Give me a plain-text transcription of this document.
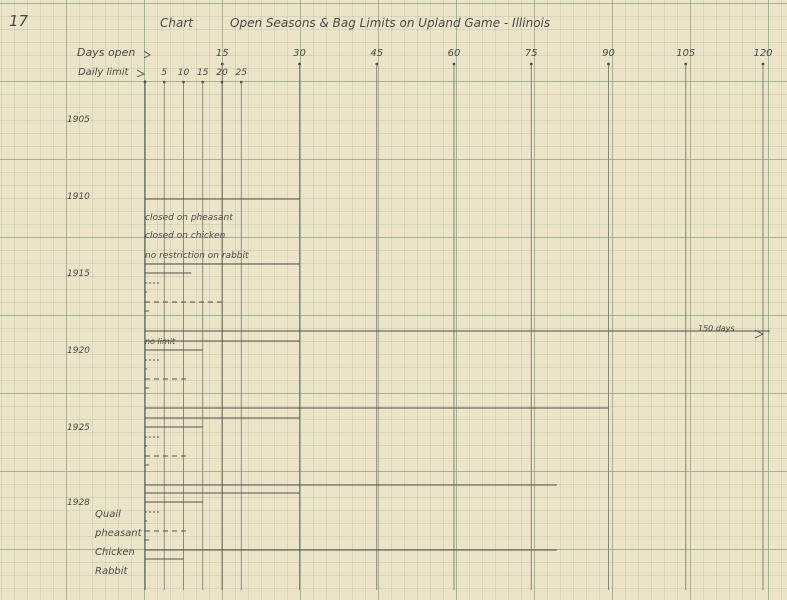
17	Chart	Open Seasons & Bag Limits on Upland Game - Illinois
Days open
Daily limit
15	30	45	60	75	90	105	120
5 10 15 20 25
1905
1910
1915
1920
1925
1928
closed on pheasant
closed on chicken
no restriction on rabbit
no limit
150 days
Quail
pheasant
Chicken
Rabbit
